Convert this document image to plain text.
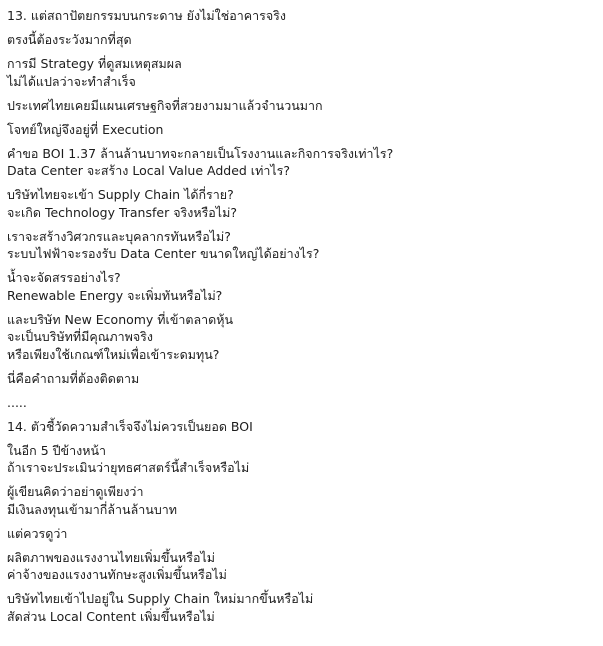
13. แต่สถาปัตยกรรมบนกระดาษ ยังไม่ใช่อาคารจริง
ตรงนี้ต้องระวังมากที่สุด
การมี Strategy ที่ดูสมเหตุสมผล
ไม่ได้แปลว่าจะทำสำเร็จ
ประเทศไทยเคยมีแผนเศรษฐกิจที่สวยงามมาแล้วจำนวนมาก
โจทย์ใหญ่จึงอยู่ที่ Execution
คำขอ BOI 1.37 ล้านล้านบาทจะกลายเป็นโรงงานและกิจการจริงเท่าไร?
Data Center จะสร้าง Local Value Added เท่าไร?
บริษัทไทยจะเข้า Supply Chain ได้กี่ราย?
จะเกิด Technology Transfer จริงหรือไม่?
เราจะสร้างวิศวกรและบุคลากรทันหรือไม่?
ระบบไฟฟ้าจะรองรับ Data Center ขนาดใหญ่ได้อย่างไร?
น้ำจะจัดสรรอย่างไร?
Renewable Energy จะเพิ่มทันหรือไม่?
และบริษัท New Economy ที่เข้าตลาดหุ้น
จะเป็นบริษัทที่มีคุณภาพจริง
หรือเพียงใช้เกณฑ์ใหม่เพื่อเข้าระดมทุน?
นี่คือคำถามที่ต้องติดตาม
.....
14. ตัวชี้วัดความสำเร็จจึงไม่ควรเป็นยอด BOI
ในอีก 5 ปีข้างหน้า
ถ้าเราจะประเมินว่ายุทธศาสตร์นี้สำเร็จหรือไม่
ผู้เขียนคิดว่าอย่าดูเพียงว่า
มีเงินลงทุนเข้ามากี่ล้านล้านบาท
แต่ควรดูว่า
ผลิตภาพของแรงงานไทยเพิ่มขึ้นหรือไม่
ค่าจ้างของแรงงานทักษะสูงเพิ่มขึ้นหรือไม่
บริษัทไทยเข้าไปอยู่ใน Supply Chain ใหม่มากขึ้นหรือไม่
สัดส่วน Local Content เพิ่มขึ้นหรือไม่
